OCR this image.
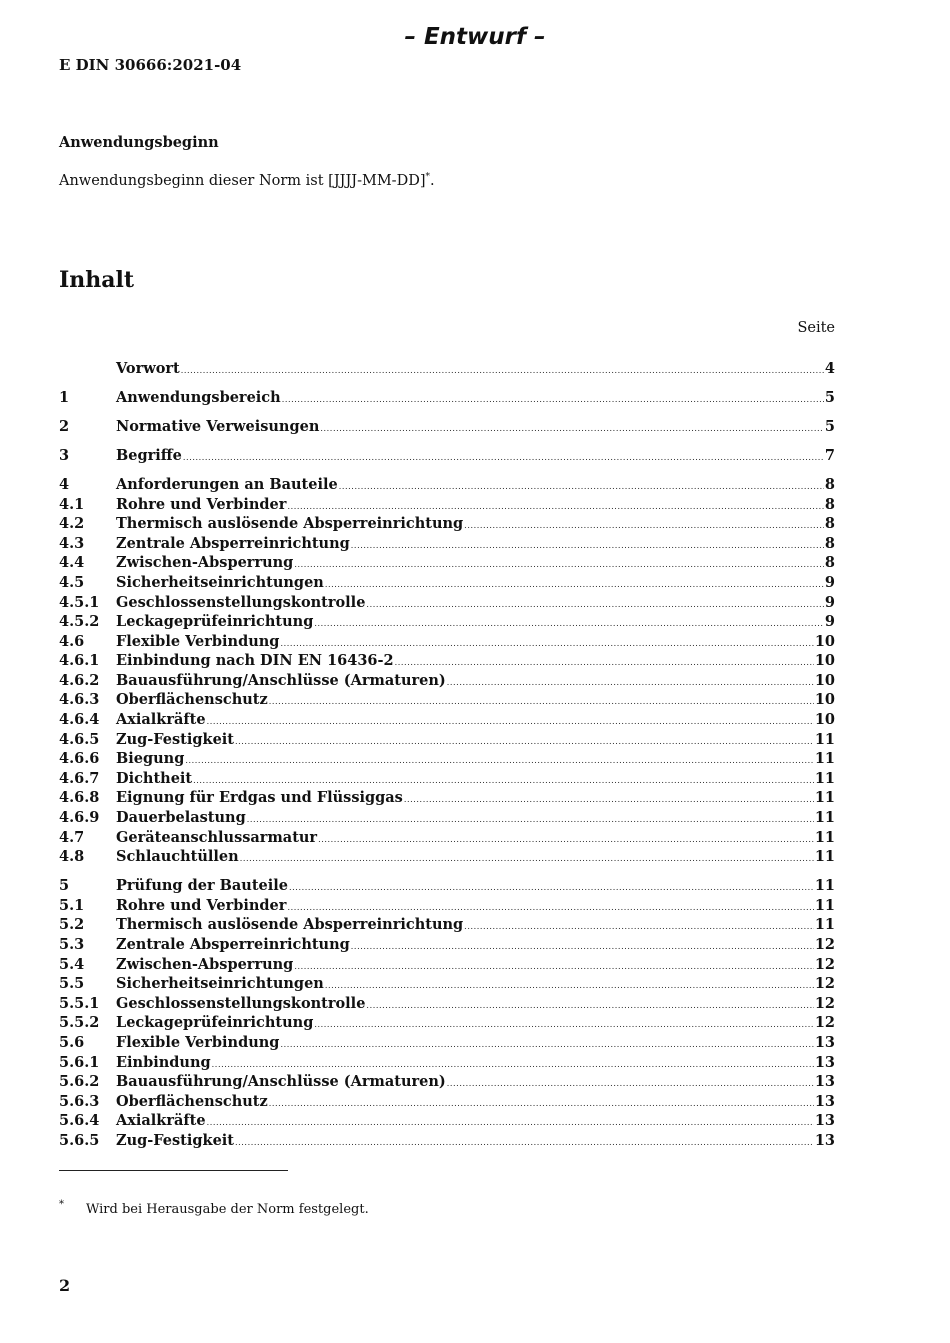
– Entwurf –
E DIN 30666:2021-04
Anwendungsbeginn
Anwendungsbeginn dieser Norm ist [JJJJ-MM-DD]*.
Inhalt
Seite
Vorwort .....	4
1	Anwendungsbereich .....	5
2	Normative Verweisungen .....	5
3	Begriffe .....	7
4	Anforderungen an Bauteile .....	8
4.1	Rohre und Verbinder .....	8
4.2	Thermisch auslösende Absperreinrichtung .....	8
4.3	Zentrale Absperreinrichtung .....	8
4.4	Zwischen-Absperrung .....	8
4.5	Sicherheitseinrichtungen .....	9
4.5.1	Geschlossenstellungskontrolle .....	9
4.5.2	Leckageprüfeinrichtung .....	9
4.6	Flexible Verbindung .....	10
4.6.1	Einbindung nach DIN EN 16436-2 .....	10
4.6.2	Bauausführung/Anschlüsse (Armaturen) .....	10
4.6.3	Oberflächenschutz .....	10
4.6.4	Axialkräfte .....	10
4.6.5	Zug-Festigkeit .....	11
4.6.6	Biegung .....	11
4.6.7	Dichtheit .....	11
4.6.8	Eignung für Erdgas und Flüssiggas .....	11
4.6.9	Dauerbelastung .....	11
4.7	Geräteanschlussarmatur .....	11
4.8	Schlauchtüllen .....	11
5	Prüfung der Bauteile .....	11
5.1	Rohre und Verbinder .....	11
5.2	Thermisch auslösende Absperreinrichtung .....	11
5.3	Zentrale Absperreinrichtung .....	12
5.4	Zwischen-Absperrung .....	12
5.5	Sicherheitseinrichtungen .....	12
5.5.1	Geschlossenstellungskontrolle .....	12
5.5.2	Leckageprüfeinrichtung .....	12
5.6	Flexible Verbindung .....	13
5.6.1	Einbindung .....	13
5.6.2	Bauausführung/Anschlüsse (Armaturen) .....	13
5.6.3	Oberflächenschutz .....	13
5.6.4	Axialkräfte .....	13
5.6.5	Zug-Festigkeit .....	13
* Wird bei Herausgabe der Norm festgelegt.
2
